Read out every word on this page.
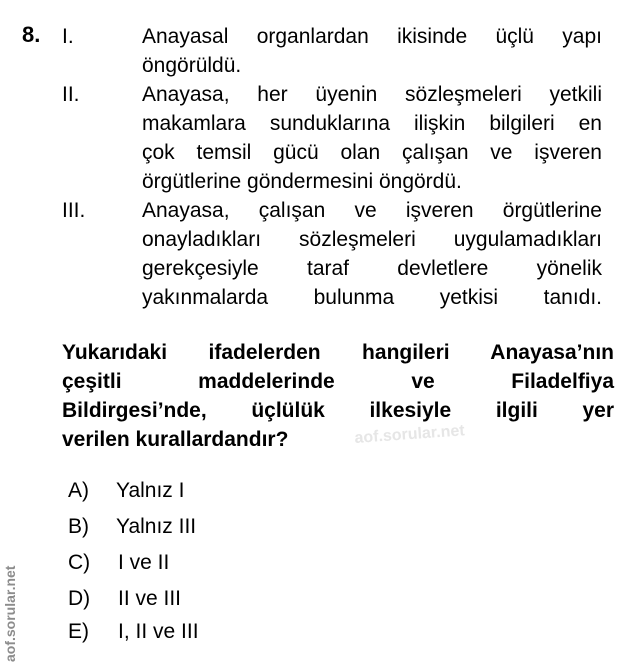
8. I.	Anayasal organlardan ikisinde üçlü yapı
öngörüldü.
II.	Anayasa, her üyenin sözleşmeleri yetkili
makamlara sunduklarına ilişkin bilgileri en
çok temsil gücü olan çalışan ve işveren
örgütlerine göndermesini öngördü.
III.	Anayasa, çalışan ve işveren örgütlerine
onayladıkları sözleşmeleri uygulamadıkları
gerekçesiyle taraf devletlere yönelik
yakınmalarda bulunma yetkisi tanıdı.
Yukarıdaki ifadelerden hangileri Anayasa’nın
çeşitli maddelerinde ve Filadelfiya
Bildirgesi’nde, üçlülük ilkesiyle ilgili yer
verilen kurallardandır?	aof.sorular.net
A) Yalnız I
B) Yalnız III
C) I ve II
D) II ve III
E) I, II ve III
aof.sorular.net
